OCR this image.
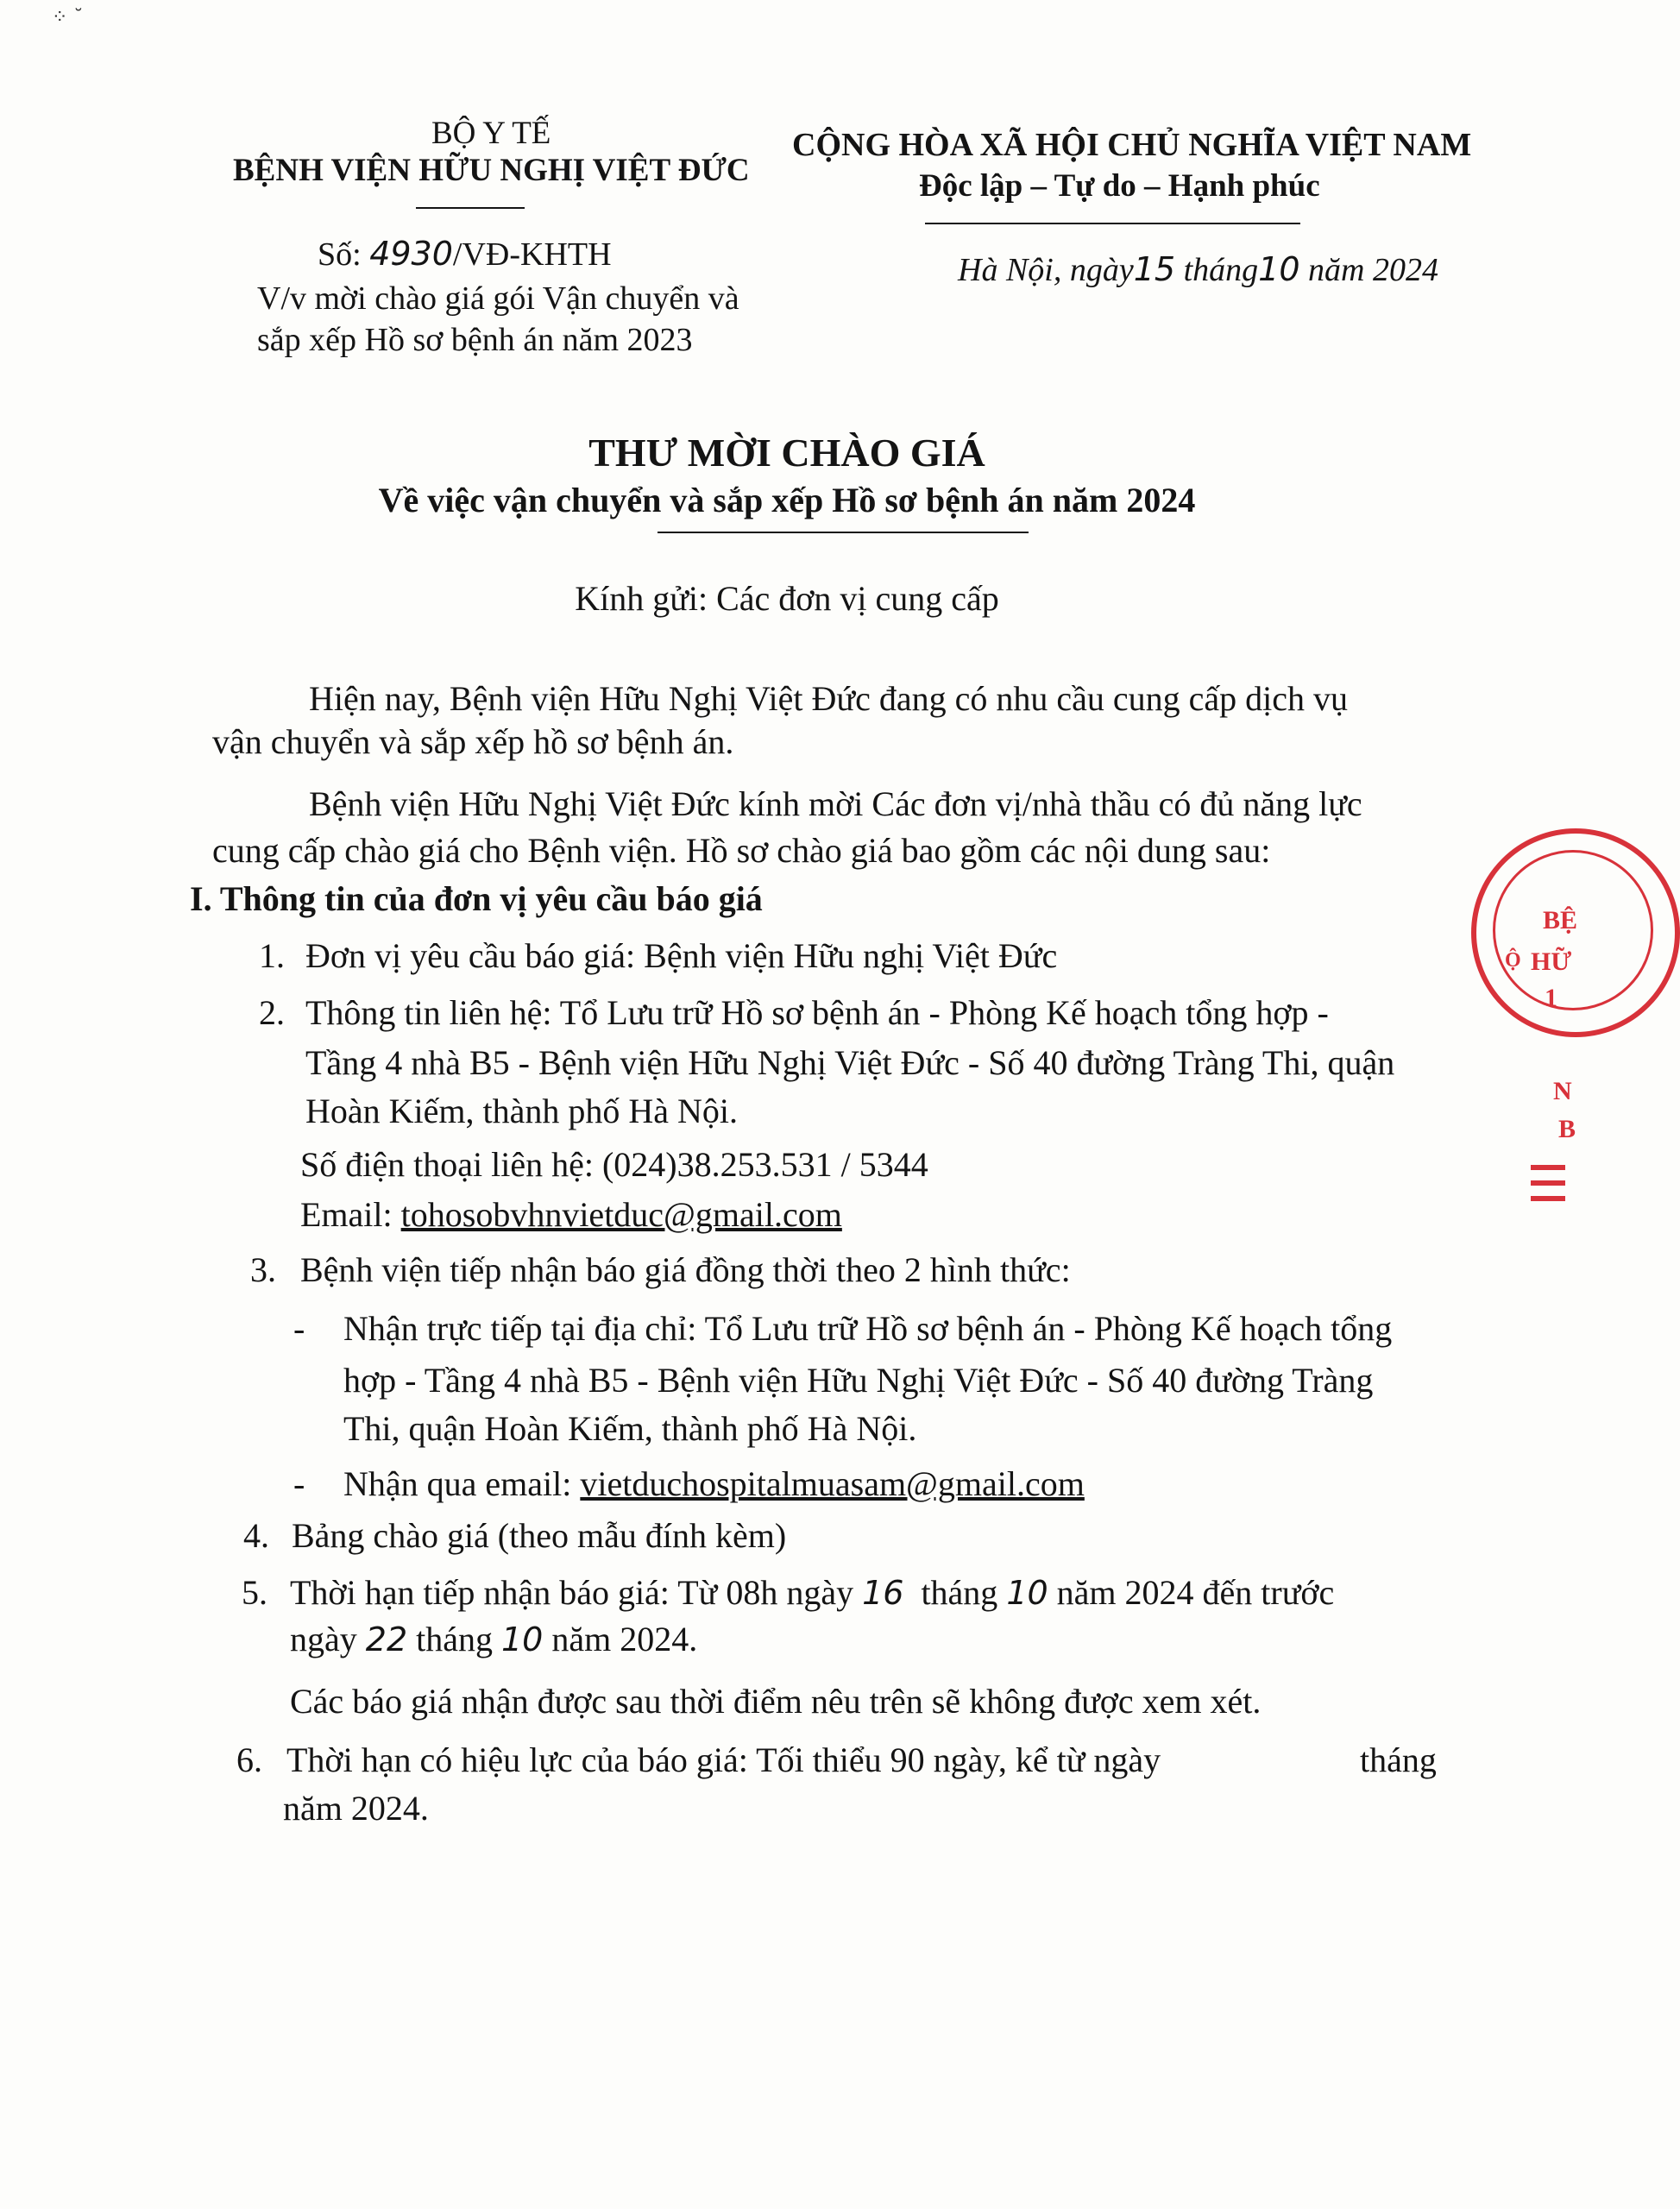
⁘ ˘
BỘ Y TẾ
BỆNH VIỆN HỮU NGHỊ VIỆT ĐỨC
Số: 4930/VĐ-KHTH
V/v mời chào giá gói Vận chuyển và
sắp xếp Hồ sơ bệnh án năm 2023
CỘNG HÒA XÃ HỘI CHỦ NGHĨA VIỆT NAM
Độc lập – Tự do – Hạnh phúc
Hà Nội, ngày15 tháng10 năm 2024
THƯ MỜI CHÀO GIÁ
Về việc vận chuyển và sắp xếp Hồ sơ bệnh án năm 2024
Kính gửi: Các đơn vị cung cấp
Hiện nay, Bệnh viện Hữu Nghị Việt Đức đang có nhu cầu cung cấp dịch vụ
vận chuyển và sắp xếp hồ sơ bệnh án.
Bệnh viện Hữu Nghị Việt Đức kính mời Các đơn vị/nhà thầu có đủ năng lực
cung cấp chào giá cho Bệnh viện. Hồ sơ chào giá bao gồm các nội dung sau:
I. Thông tin của đơn vị yêu cầu báo giá
1. Đơn vị yêu cầu báo giá: Bệnh viện Hữu nghị Việt Đức
2. Thông tin liên hệ: Tổ Lưu trữ Hồ sơ bệnh án - Phòng Kế hoạch tổng hợp -
Tầng 4 nhà B5 - Bệnh viện Hữu Nghị Việt Đức - Số 40 đường Tràng Thi, quận
Hoàn Kiếm, thành phố Hà Nội.
Số điện thoại liên hệ: (024)38.253.531 / 5344
Email: tohosobvhnvietduc@gmail.com
3. Bệnh viện tiếp nhận báo giá đồng thời theo 2 hình thức:
- Nhận trực tiếp tại địa chỉ: Tổ Lưu trữ Hồ sơ bệnh án - Phòng Kế hoạch tổng
hợp - Tầng 4 nhà B5 - Bệnh viện Hữu Nghị Việt Đức - Số 40 đường Tràng
Thi, quận Hoàn Kiếm, thành phố Hà Nội.
- Nhận qua email: vietduchospitalmuasam@gmail.com
4. Bảng chào giá (theo mẫu đính kèm)
5. Thời hạn tiếp nhận báo giá: Từ 08h ngày 16 tháng 10 năm 2024 đến trước
ngày 22 tháng 10 năm 2024.
Các báo giá nhận được sau thời điểm nêu trên sẽ không được xem xét.
6. Thời hạn có hiệu lực của báo giá: Tối thiểu 90 ngày, kể từ ngày	tháng
năm 2024.
BỆ
HỮ
1
Ộ
N
B
